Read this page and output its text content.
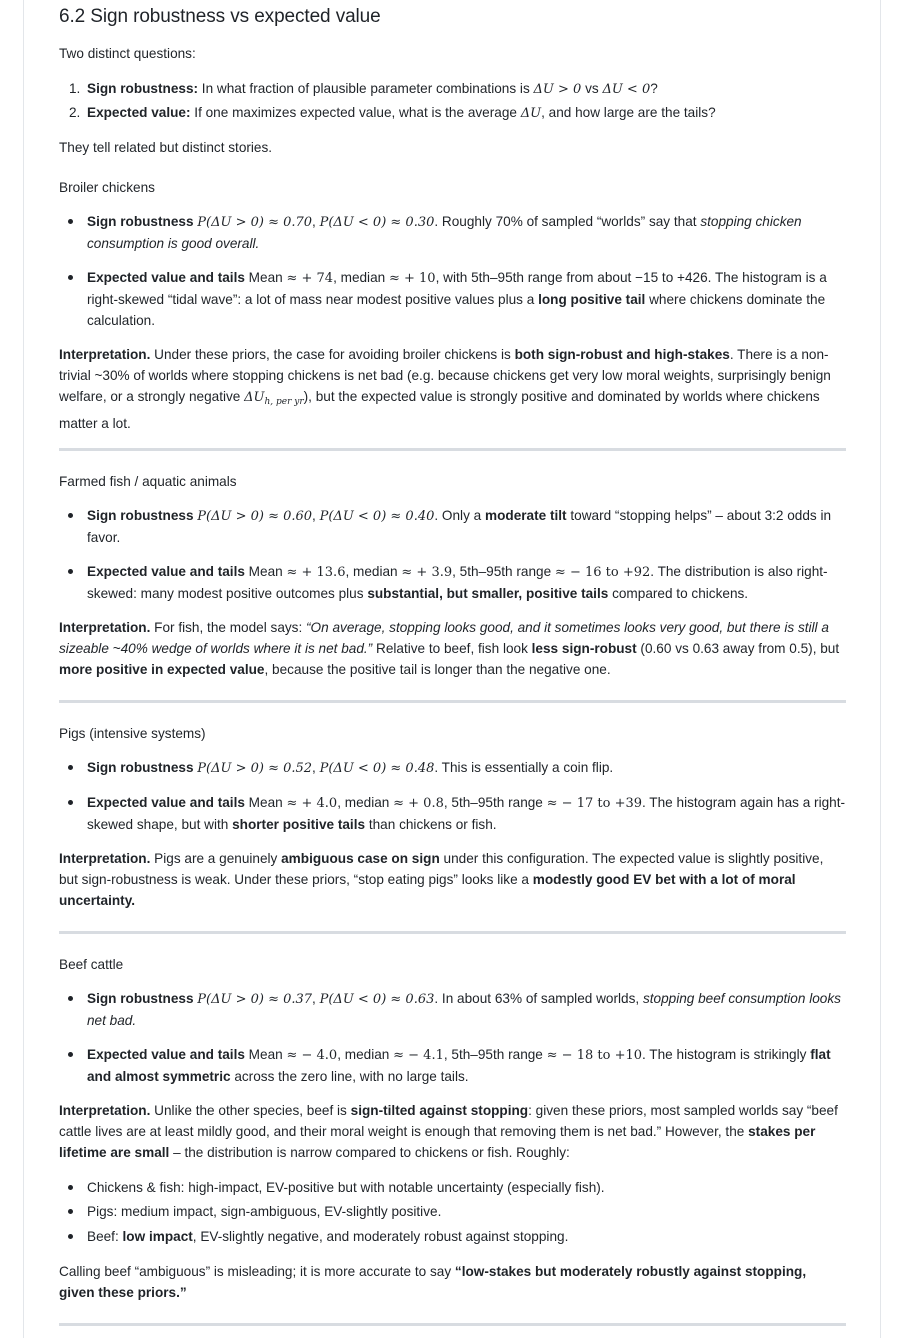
6.2 Sign robustness vs expected value

Two distinct questions:

1. Sign robustness: In what fraction of plausible parameter combinations is ΔU > 0 vs ΔU < 0?
2. Expected value: If one maximizes expected value, what is the average ΔU, and how large are the tails?

They tell related but distinct stories.

Broiler chickens

Sign robustness P(ΔU > 0) ≈ 0.70, P(ΔU < 0) ≈ 0.30. Roughly 70% of sampled “worlds” say that stopping chicken consumption is good overall.
Expected value and tails Mean ≈ + 74, median ≈ + 10, with 5th–95th range from about −15 to +426. The histogram is a right-skewed “tidal wave”: a lot of mass near modest positive values plus a long positive tail where chickens dominate the calculation.

Interpretation. Under these priors, the case for avoiding broiler chickens is both sign-robust and high-stakes. There is a non-trivial ~30% of worlds where stopping chickens is net bad (e.g. because chickens get very low moral weights, surprisingly benign welfare, or a strongly negative $\Delta U_{h, per yr}$), but the expected value is strongly positive and dominated by worlds where chickens matter a lot.

Farmed fish / aquatic animals

Sign robustness P(ΔU > 0) ≈ 0.60, P(ΔU < 0) ≈ 0.40. Only a moderate tilt toward “stopping helps” – about 3:2 odds in favor.
Expected value and tails Mean ≈ + 13.6, median ≈ + 3.9, 5th–95th range ≈ − 16 to +92. The distribution is also right-skewed: many modest positive outcomes plus substantial, but smaller, positive tails compared to chickens.

Interpretation. For fish, the model says: “On average, stopping looks good, and it sometimes looks very good, but there is still a sizeable ~40% wedge of worlds where it is net bad.” Relative to beef, fish look less sign-robust (0.60 vs 0.63 away from 0.5), but more positive in expected value, because the positive tail is longer than the negative one.

Pigs (intensive systems)

Sign robustness P(ΔU > 0) ≈ 0.52, P(ΔU < 0) ≈ 0.48. This is essentially a coin flip.
Expected value and tails Mean ≈ + 4.0, median ≈ + 0.8, 5th–95th range ≈ − 17 to +39. The histogram again has a right-skewed shape, but with shorter positive tails than chickens or fish.

Interpretation. Pigs are a genuinely ambiguous case on sign under this configuration. The expected value is slightly positive, but sign-robustness is weak. Under these priors, “stop eating pigs” looks like a modestly good EV bet with a lot of moral uncertainty.

Beef cattle

Sign robustness P(ΔU > 0) ≈ 0.37, P(ΔU < 0) ≈ 0.63. In about 63% of sampled worlds, stopping beef consumption looks net bad.
Expected value and tails Mean ≈ − 4.0, median ≈ − 4.1, 5th–95th range ≈ − 18 to +10. The histogram is strikingly flat and almost symmetric across the zero line, with no large tails.

Interpretation. Unlike the other species, beef is sign-tilted against stopping: given these priors, most sampled worlds say “beef cattle lives are at least mildly good, and their moral weight is enough that removing them is net bad.” However, the stakes per lifetime are small – the distribution is narrow compared to chickens or fish. Roughly:

Chickens & fish: high-impact, EV-positive but with notable uncertainty (especially fish).
Pigs: medium impact, sign-ambiguous, EV-slightly positive.
Beef: low impact, EV-slightly negative, and moderately robust against stopping.

Calling beef “ambiguous” is misleading; it is more accurate to say “low-stakes but moderately robustly against stopping, given these priors.”
